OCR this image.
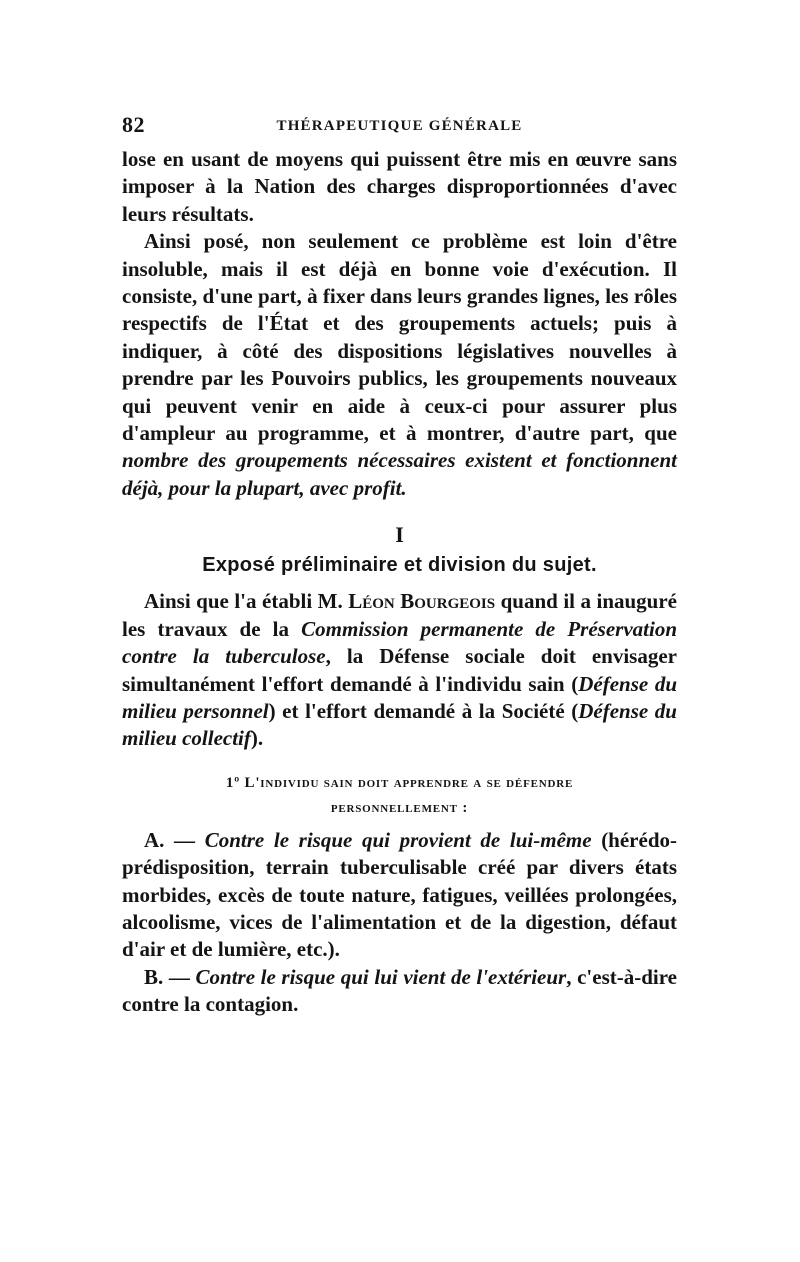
82	THÉRAPEUTIQUE GÉNÉRALE

lose en usant de moyens qui puissent être mis en œuvre sans imposer à la Nation des charges disproportionnées d'avec leurs résultats.

Ainsi posé, non seulement ce problème est loin d'être insoluble, mais il est déjà en bonne voie d'exécution. Il consiste, d'une part, à fixer dans leurs grandes lignes, les rôles respectifs de l'État et des groupements actuels; puis à indiquer, à côté des dispositions législatives nouvelles à prendre par les Pouvoirs publics, les groupements nouveaux qui peuvent venir en aide à ceux-ci pour assurer plus d'ampleur au programme, et à montrer, d'autre part, que nombre des groupements nécessaires existent et fonctionnent déjà, pour la plupart, avec profit.

I
Exposé préliminaire et division du sujet.

Ainsi que l'a établi M. Léon Bourgeois quand il a inauguré les travaux de la Commission permanente de Préservation contre la tuberculose, la Défense sociale doit envisager simultanément l'effort demandé à l'individu sain (Défense du milieu personnel) et l'effort demandé à la Société (Défense du milieu collectif).

1º L'individu sain doit apprendre a se défendre
personnellement :

A. — Contre le risque qui provient de lui-même (hérédo-prédisposition, terrain tuberculisable créé par divers états morbides, excès de toute nature, fatigues, veillées prolongées, alcoolisme, vices de l'alimentation et de la digestion, défaut d'air et de lumière, etc.).

B. — Contre le risque qui lui vient de l'extérieur, c'est-à-dire contre la contagion.
